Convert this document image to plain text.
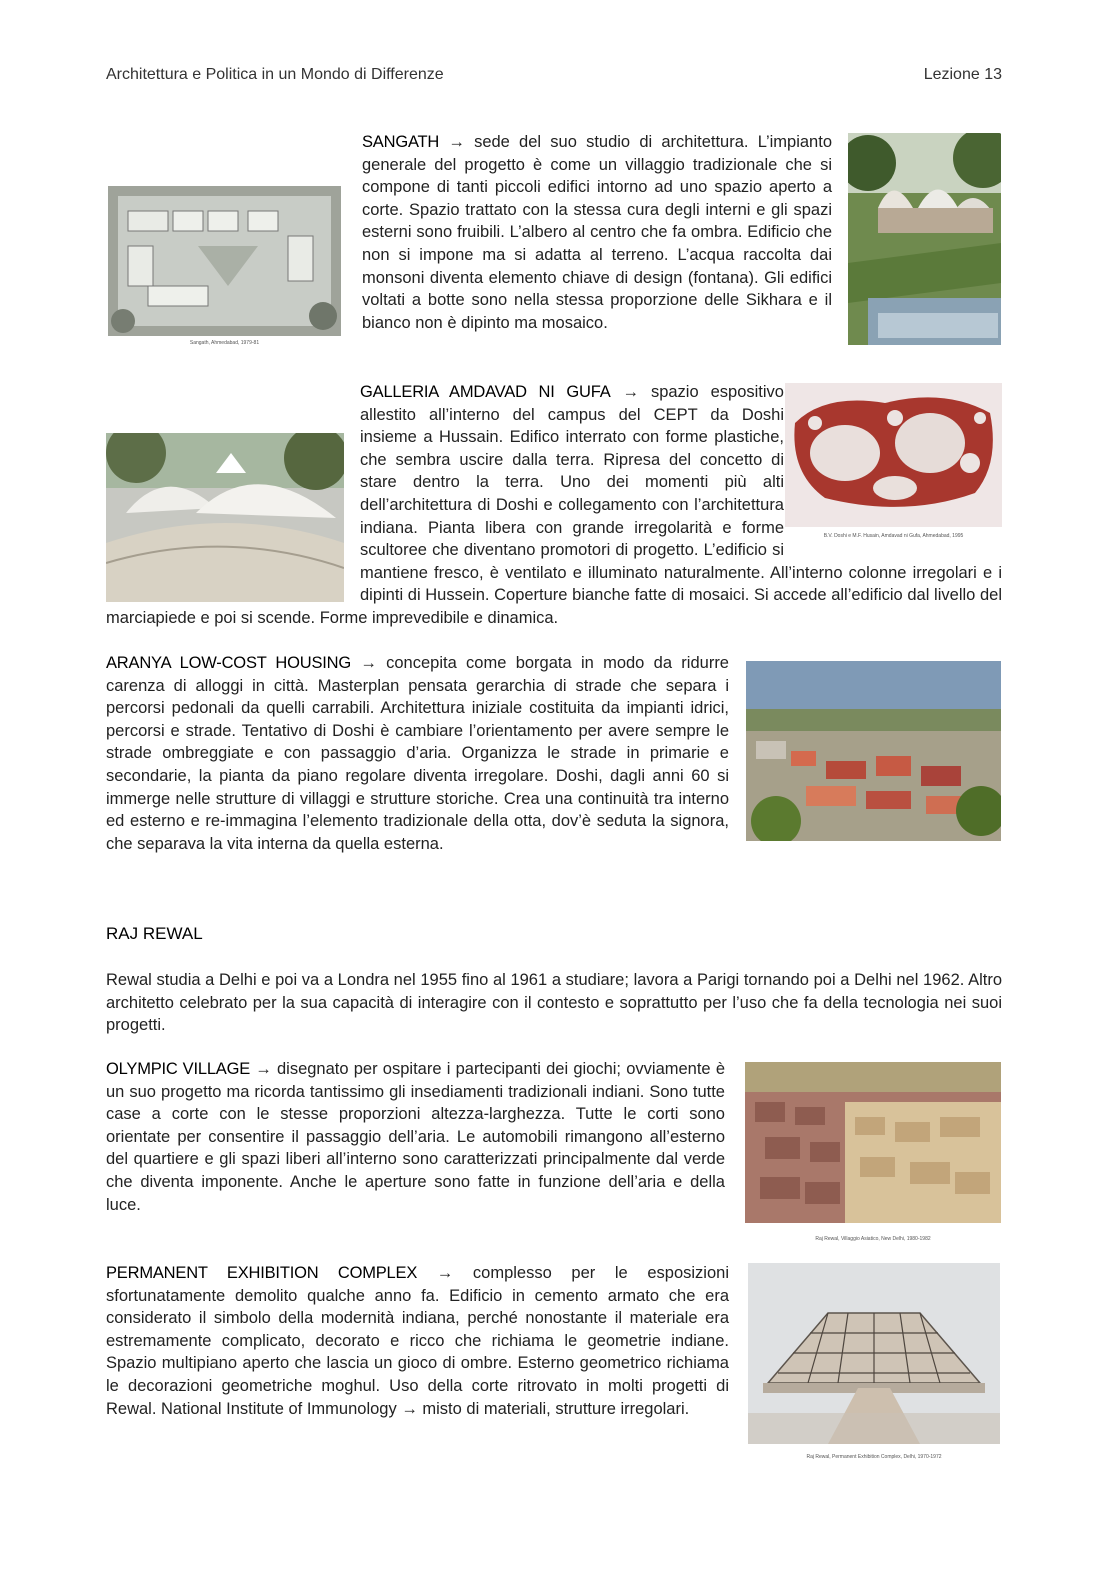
Architettura e Politica in un Mondo di Differenze	Lezione 13
Sangath, Ahmedabad, 1979-81

SANGATH → sede del suo studio di architettura. L’impianto generale del progetto è come un villaggio tradizionale che si compone di tanti piccoli edifici intorno ad uno spazio aperto a corte. Spazio trattato con la stessa cura degli interni e gli spazi esterni sono fruibili. L’albero al centro che fa ombra. Edificio che non si impone ma si adatta al terreno. L’acqua raccolta dai monsoni diventa elemento chiave di design (fontana). Gli edifici voltati a botte sono nella stessa proporzione delle Sikhara e il bianco non è dipinto ma mosaico.

B.V. Doshi e M.F. Husain, Amdavad ni Gufa, Ahmedabad, 1995

GALLERIA AMDAVAD NI GUFA → spazio espositivo allestito all’interno del campus del CEPT da Doshi insieme a Hussain. Edifico interrato con forme plastiche, che sembra uscire dalla terra. Ripresa del concetto di stare dentro la terra. Uno dei momenti più alti dell’architettura di Doshi e collegamento con l’architettura indiana. Pianta libera con grande irregolarità e forme scultoree che diventano promotori di progetto. L’edificio si mantiene fresco, è ventilato e illuminato naturalmente. All’interno colonne irregolari e i dipinti di Hussein. Coperture bianche fatte di mosaici. Si accede all’edificio dal livello del marciapiede e poi si scende. Forme imprevedibile e dinamica.

ARANYA LOW-COST HOUSING → concepita come borgata in modo da ridurre carenza di alloggi in città. Masterplan pensata gerarchia di strade che separa i percorsi pedonali da quelli carrabili. Architettura iniziale costituita da impianti idrici, percorsi e strade. Tentativo di Doshi è cambiare l’orientamento per avere sempre le strade ombreggiate e con passaggio d’aria. Organizza le strade in primarie e secondarie, la pianta da piano regolare diventa irregolare. Doshi, dagli anni 60 si immerge nelle strutture di villaggi e strutture storiche. Crea una continuità tra interno ed esterno e re-immagina l’elemento tradizionale della otta, dov’è seduta la signora, che separava la vita interna da quella esterna.

RAJ REWAL

Rewal studia a Delhi e poi va a Londra nel 1955 fino al 1961 a studiare; lavora a Parigi tornando poi a Delhi nel 1962. Altro architetto celebrato per la sua capacità di interagire con il contesto e soprattutto per l’uso che fa della tecnologia nei suoi progetti.

Raj Rewal, Villaggio Asiatico, New Delhi, 1980-1982

OLYMPIC VILLAGE → disegnato per ospitare i partecipanti dei giochi; ovviamente è un suo progetto ma ricorda tantissimo gli insediamenti tradizionali indiani. Sono tutte case a corte con le stesse proporzioni altezza-larghezza. Tutte le corti sono orientate per consentire il passaggio dell’aria. Le automobili rimangono all’esterno del quartiere e gli spazi liberi all’interno sono caratterizzati principalmente dal verde che diventa imponente. Anche le aperture sono fatte in funzione dell’aria e della luce.

Raj Rewal, Permanent Exhibition Complex, Delhi, 1970-1972

PERMANENT EXHIBITION COMPLEX → complesso per le esposizioni sfortunatamente demolito qualche anno fa. Edificio in cemento armato che era considerato il simbolo della modernità indiana, perché nonostante il materiale era estremamente complicato, decorato e ricco che richiama le geometrie indiane. Spazio multipiano aperto che lascia un gioco di ombre. Esterno geometrico richiama le decorazioni geometriche moghul. Uso della corte ritrovato in molti progetti di Rewal. National Institute of Immunology → misto di materiali, strutture irregolari.
